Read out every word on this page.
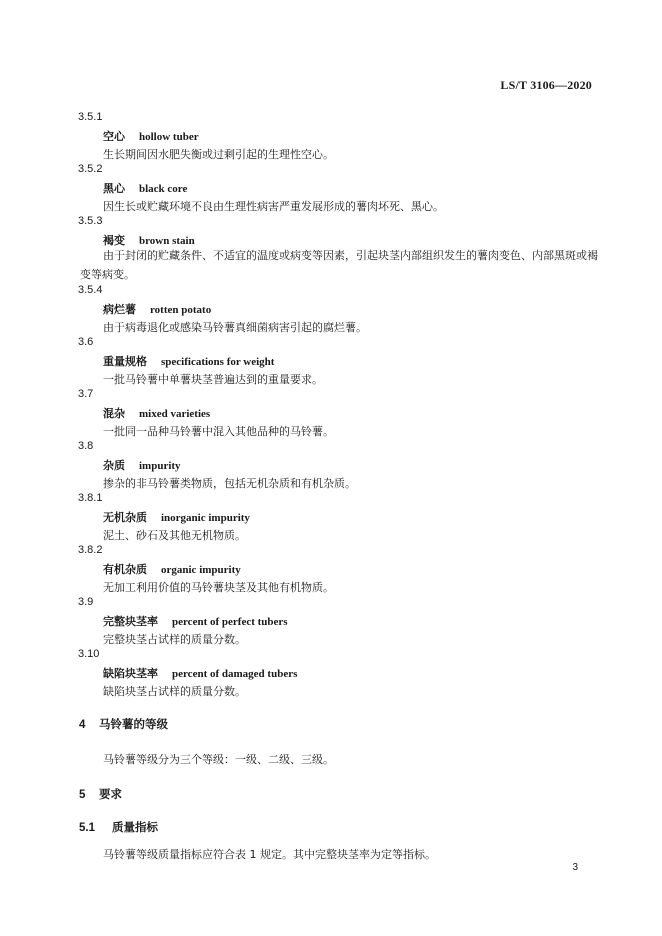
LS/T 3106—2020
3.5.1
空心 hollow tuber
生长期间因水肥失衡或过剩引起的生理性空心。
3.5.2
黑心 black core
因生长或贮藏环境不良由生理性病害严重发展形成的薯肉坏死、黑心。
3.5.3
褐变 brown stain
由于封闭的贮藏条件、不适宜的温度或病变等因素，引起块茎内部组织发生的薯肉变色、内部黑斑或褐变等病变。
3.5.4
病烂薯 rotten potato
由于病毒退化或感染马铃薯真细菌病害引起的腐烂薯。
3.6
重量规格 specifications for weight
一批马铃薯中单薯块茎普遍达到的重量要求。
3.7
混杂 mixed varieties
一批同一品种马铃薯中混入其他品种的马铃薯。
3.8
杂质 impurity
掺杂的非马铃薯类物质，包括无机杂质和有机杂质。
3.8.1
无机杂质 inorganic impurity
泥土、砂石及其他无机物质。
3.8.2
有机杂质 organic impurity
无加工利用价值的马铃薯块茎及其他有机物质。
3.9
完整块茎率 percent of perfect tubers
完整块茎占试样的质量分数。
3.10
缺陷块茎率 percent of damaged tubers
缺陷块茎占试样的质量分数。
4 马铃薯的等级
马铃薯等级分为三个等级：一级、二级、三级。
5 要求
5.1 质量指标
马铃薯等级质量指标应符合表 1 规定。其中完整块茎率为定等指标。
3
